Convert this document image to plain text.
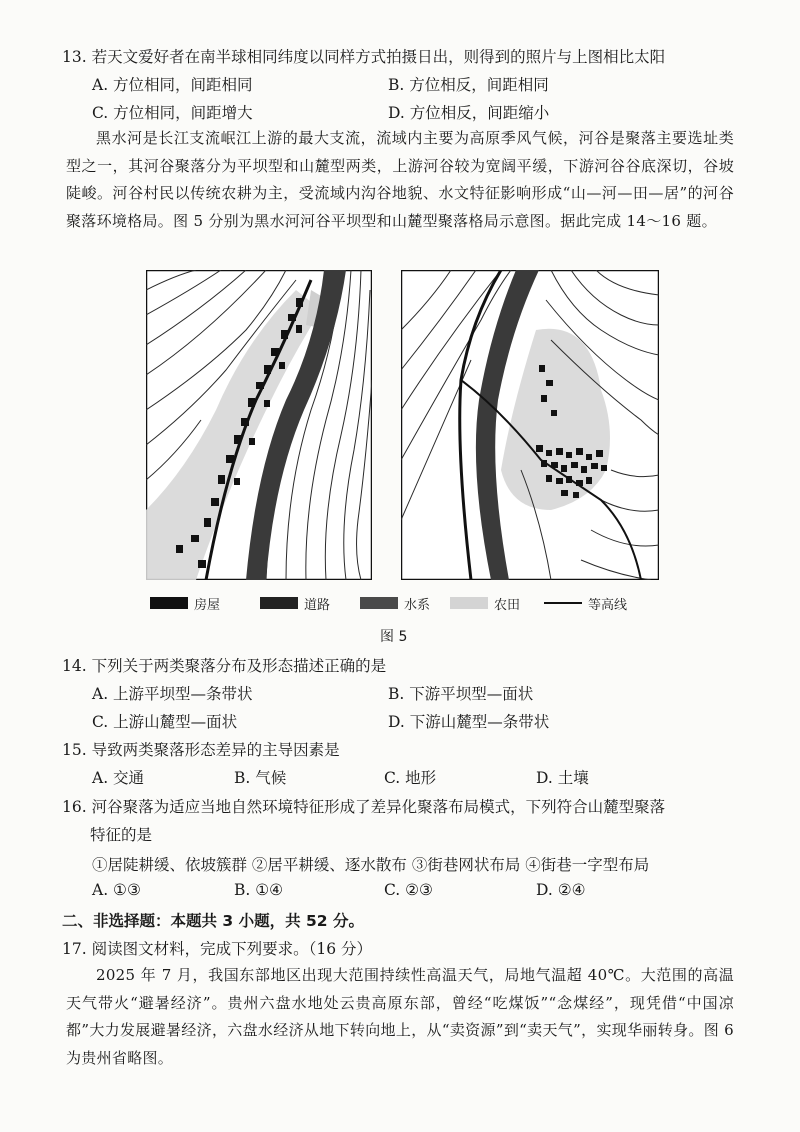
13. 若天文爱好者在南半球相同纬度以同样方式拍摄日出，则得到的照片与上图相比太阳
A. 方位相同，间距相同	B. 方位相反，间距相同
C. 方位相同，间距增大	D. 方位相反，间距缩小
黑水河是长江支流岷江上游的最大支流，流域内主要为高原季风气候，河谷是聚落主要选址类型之一，其河谷聚落分为平坝型和山麓型两类，上游河谷较为宽阔平缓，下游河谷谷底深切，谷坡陡峻。河谷村民以传统农耕为主，受流域内沟谷地貌、水文特征影响形成“山—河—田—居”的河谷聚落环境格局。图 5 分别为黑水河河谷平坝型和山麓型聚落格局示意图。据此完成 14～16 题。
房屋	道路	水系	农田	等高线
图 5
14. 下列关于两类聚落分布及形态描述正确的是
A. 上游平坝型—条带状	B. 下游平坝型—面状
C. 上游山麓型—面状	D. 下游山麓型—条带状
15. 导致两类聚落形态差异的主导因素是
A. 交通	B. 气候	C. 地形	D. 土壤
16. 河谷聚落为适应当地自然环境特征形成了差异化聚落布局模式，下列符合山麓型聚落
特征的是
①居陡耕缓、依坡簇群 ②居平耕缓、逐水散布 ③街巷网状布局 ④街巷一字型布局
A. ①③	B. ①④	C. ②③	D. ②④
二、非选择题：本题共 3 小题，共 52 分。
17. 阅读图文材料，完成下列要求。（16 分）
2025 年 7 月，我国东部地区出现大范围持续性高温天气，局地气温超 40℃。大范围的高温天气带火“避暑经济”。贵州六盘水地处云贵高原东部，曾经“吃煤饭”“念煤经”，现凭借“中国凉都”大力发展避暑经济，六盘水经济从地下转向地上，从“卖资源”到“卖天气”，实现华丽转身。图 6 为贵州省略图。
